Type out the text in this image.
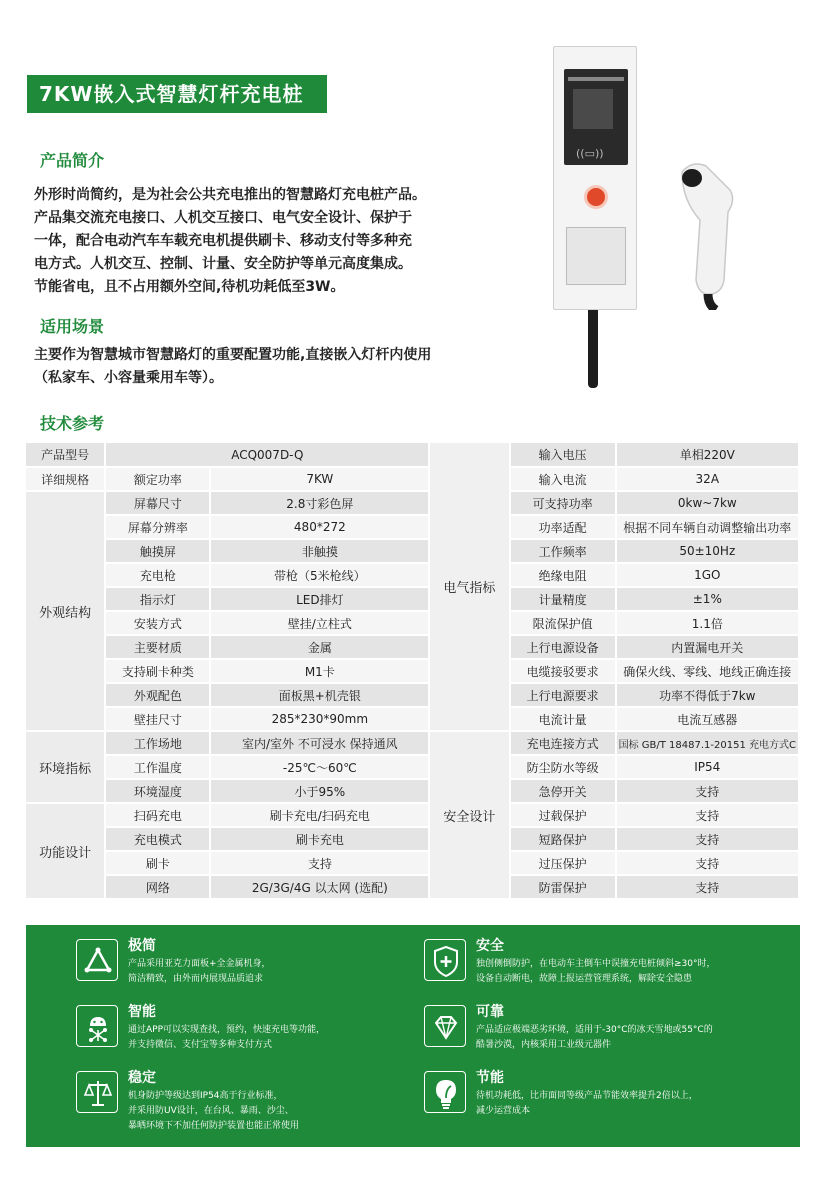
7KW嵌入式智慧灯杆充电桩
产品简介
外形时尚简约，是为社会公共充电推出的智慧路灯充电桩产品。
产品集交流充电接口、人机交互接口、电气安全设计、保护于
一体，配合电动汽车车载充电机提供刷卡、移动支付等多种充
电方式。人机交互、控制、计量、安全防护等单元高度集成。
节能省电，且不占用额外空间,待机功耗低至3W。
适用场景
主要作为智慧城市智慧路灯的重要配置功能,直接嵌入灯杆内使用
（私家车、小容量乘用车等）。
技术参考
((▭))
产品型号	ACQ007D-Q		电气指标	输入电压	单相220V
详细规格	额定功率	7KW		输入电流	32A
外观结构	屏幕尺寸	2.8寸彩色屏		可支持功率	0kw~7kw
	屏幕分辨率	480*272		功率适配	根据不同车辆自动调整输出功率
	触摸屏	非触摸		工作频率	50±10Hz
	充电枪	带枪（5米枪线）		绝缘电阻	1GO
	指示灯	LED排灯		计量精度	±1%
	安装方式	壁挂/立柱式		限流保护值	1.1倍
	主要材质	金属		上行电源设备	内置漏电开关
	支持刷卡种类	M1卡		电缆接驳要求	确保火线、零线、地线正确连接
	外观配色	面板黑+机壳银		上行电源要求	功率不得低于7kw
	壁挂尺寸	285*230*90mm		电流计量	电流互感器
环境指标	工作场地	室内/室外 不可浸水 保持通风	安全设计	充电连接方式	国标 GB/T 18487.1-20151 充电方式C
	工作温度	-25℃～60℃		防尘防水等级	IP54
	环境湿度	小于95%		急停开关	支持
功能设计	扫码充电	刷卡充电/扫码充电		过载保护	支持
	充电模式	刷卡充电		短路保护	支持
	刷卡	支持		过压保护	支持
	网络	2G/3G/4G 以太网 (选配)		防雷保护	支持
极简
产品采用亚克力面板+全金属机身，
简洁精致，由外而内展现品质追求
安全
独创侧倒防护，在电动车主倒车中误撞充电桩倾斜≥30°时，
设备自动断电，故障上报运营管理系统，解除安全隐患
智能
通过APP可以实现查找，预约，快速充电等功能，
并支持微信、支付宝等多种支付方式
可靠
产品适应极端恶劣环境，适用于-30°C的冰天雪地或55°C的
酷暑沙漠，内核采用工业级元器件
稳定
机身防护等级达到IP54高于行业标准，
并采用防UV设计，在台风、暴雨、沙尘、
暴晒环境下不加任何防护装置也能正常使用
节能
待机功耗低，比市面同等级产品节能效率提升2倍以上，
减少运营成本
